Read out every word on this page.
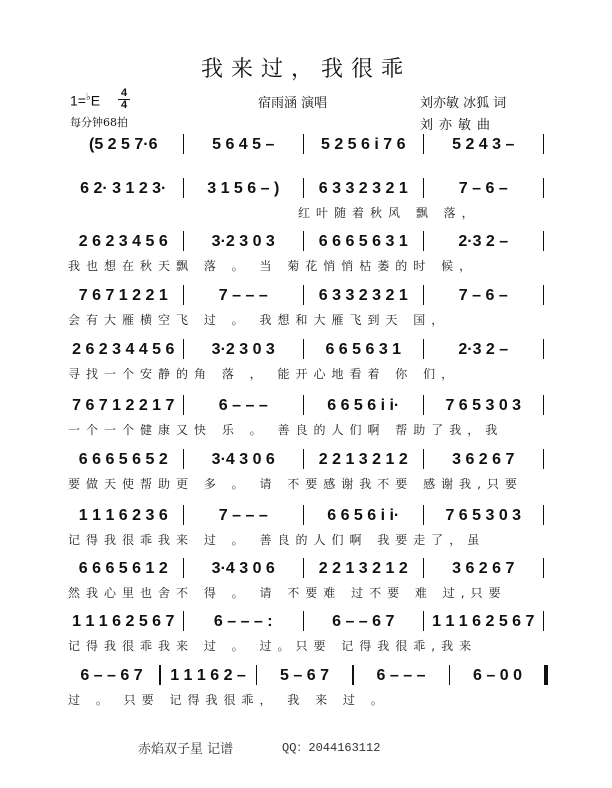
我来过，我很乖
1=♭E 4
4
每分钟68拍
宿雨涵 演唱	刘亦敏 冰狐 词
刘亦敏曲
(5 2 5 7·6	5 6 4 5 –	5 2 5 6 i 7 6	5 2 4 3 –
6 2· 3 1 2 3·	3 1 5 6 – )	6 3 3 2 3 2 1	7 – 6 –
红叶随着秋风 飘 落，
2 6 2 3 4 5 6	3·2 3 0 3	6 6 6 5 6 3 1	2·3 2 –
我也想在秋天飘 落 。 当 菊花悄悄枯萎的时 候，
7 6 7 1 2 2 1	7 – – –	6 3 3 2 3 2 1	7 – 6 –
会有大雁横空飞 过 。 我想和大雁飞到天 国，
2 6 2 3 4 4 5 6	3·2 3 0 3	6 6 5 6 3 1	2·3 2 –
寻找一个安静的角 落 ， 能开心地看着 你 们，
7 6 7 1 2 2 1 7	6 – – –	6 6 5 6 i i·	7 6 5 3 0 3
一个一个健康又快 乐 。 善良的人们啊 帮助了我，我
6 6 6 5 6 5 2	3·4 3 0 6	2 2 1 3 2 1 2	3 6 2 6 7
要做天使帮助更 多 。 请 不要感谢我不要 感谢我,只要
1 1 1 6 2 3 6	7 – – –	6 6 5 6 i i·	7 6 5 3 0 3
记得我很乖我来 过 。 善良的人们啊 我要走了，虽
6 6 6 5 6 1 2	3·4 3 0 6	2 2 1 3 2 1 2	3 6 2 6 7
然我心里也舍不 得 。 请 不要难 过不要 难 过,只要
1 1 1 6 2 5 6 7	6 – – – :	6 – – 6 7	1 1 1 6 2 5 6 7
记得我很乖我来 过 。 过。只要 记得我很乖,我来
6 – – 6 7	1 1 1 6 2 –	5 – 6 7	6 – – –	6 – 0 0
过 。 只要 记得我很乖， 我 来 过 。
赤焰双子星 记谱	QQ：2044163112
